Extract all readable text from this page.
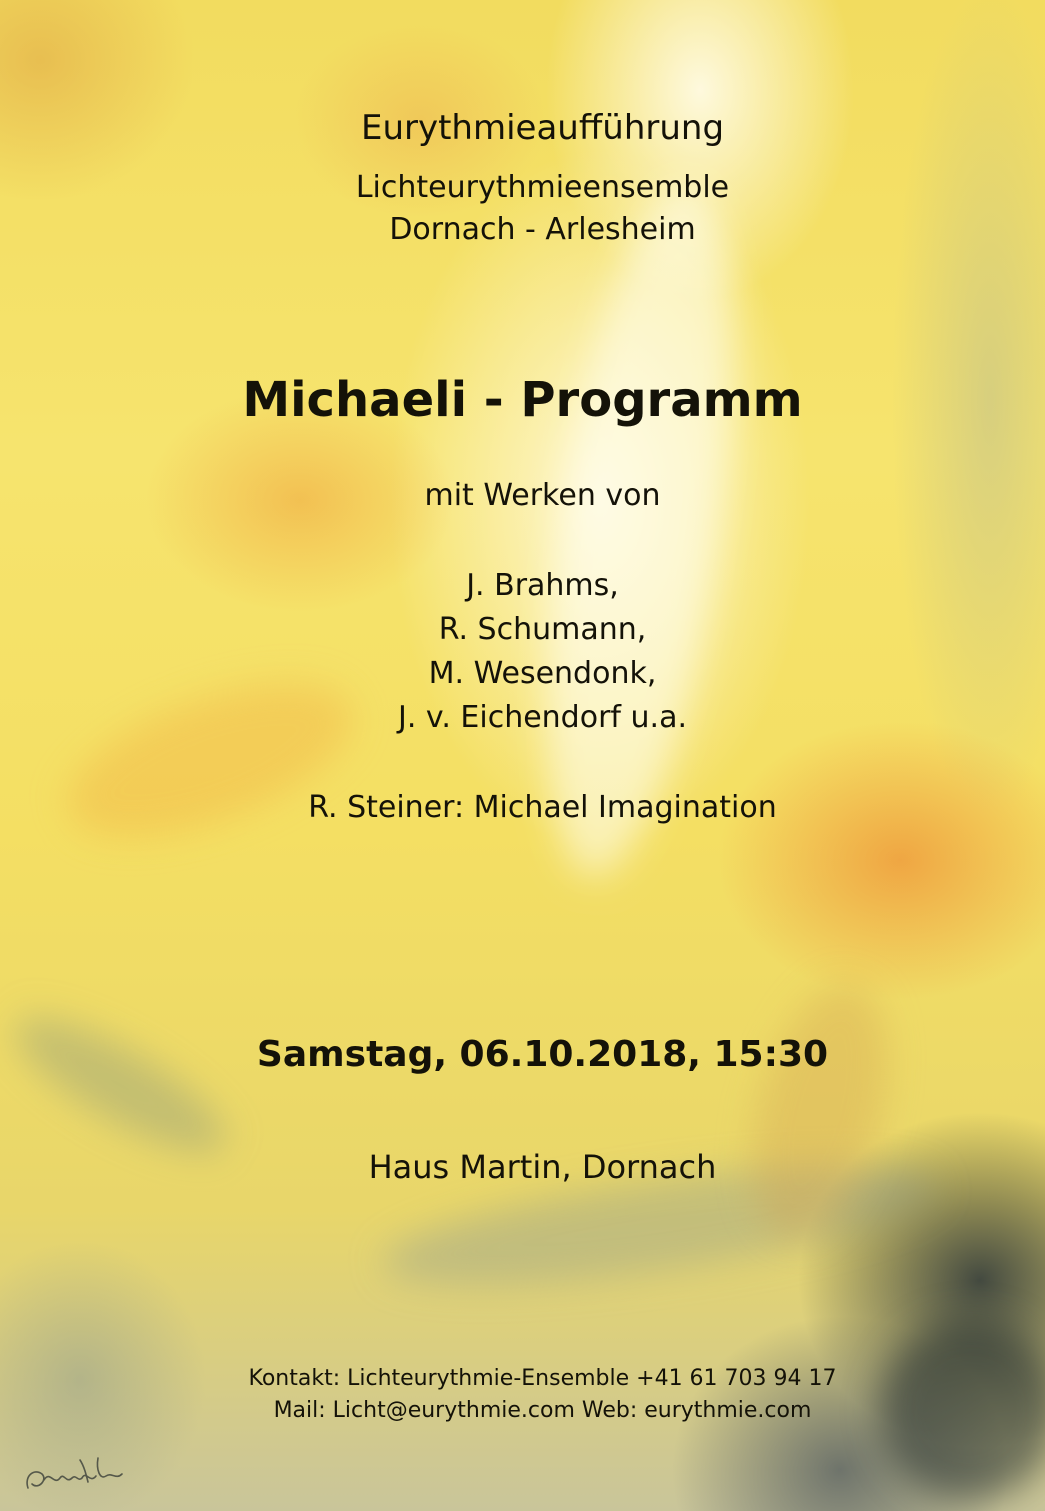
Eurythmieaufführung
Lichteurythmieensemble
Dornach - Arlesheim
Michaeli - Programm
mit Werken von
J. Brahms,
R. Schumann,
M. Wesendonk,
J. v. Eichendorf u.a.
R. Steiner: Michael Imagination
Samstag, 06.10.2018, 15:30
Haus Martin, Dornach
Kontakt: Lichteurythmie-Ensemble +41 61 703 94 17
Mail: Licht@eurythmie.com Web: eurythmie.com
